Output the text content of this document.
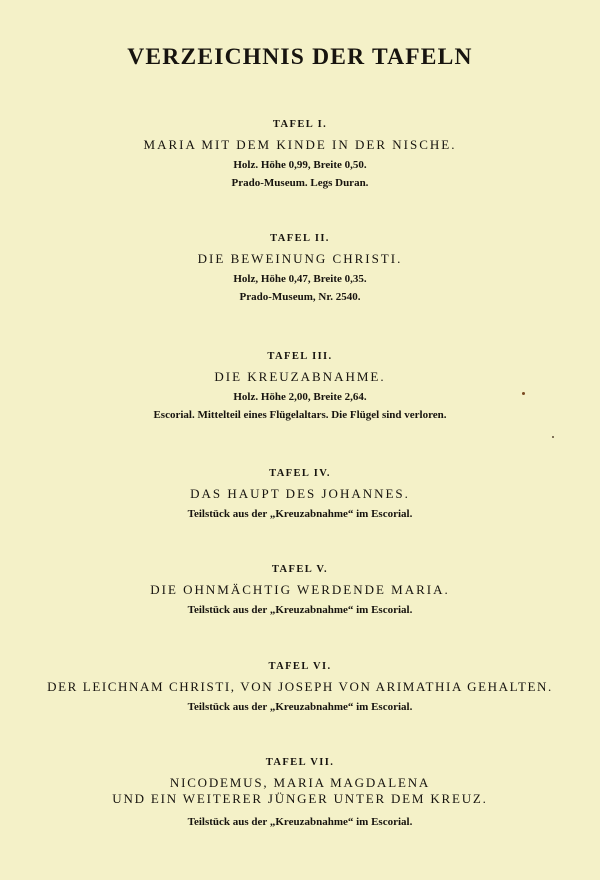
VERZEICHNIS DER TAFELN
TAFEL I.
MARIA MIT DEM KINDE IN DER NISCHE.
Holz. Höhe 0,99, Breite 0,50.
Prado-Museum. Legs Duran.
TAFEL II.
DIE BEWEINUNG CHRISTI.
Holz, Höhe 0,47, Breite 0,35.
Prado-Museum, Nr. 2540.
TAFEL III.
DIE KREUZABNAHME.
Holz. Höhe 2,00, Breite 2,64.
Escorial. Mittelteil eines Flügelaltars. Die Flügel sind verloren.
TAFEL IV.
DAS HAUPT DES JOHANNES.
Teilstück aus der „Kreuzabnahme“ im Escorial.
TAFEL V.
DIE OHNMÄCHTIG WERDENDE MARIA.
Teilstück aus der „Kreuzabnahme“ im Escorial.
TAFEL VI.
DER LEICHNAM CHRISTI, VON JOSEPH VON ARIMATHIA GEHALTEN.
Teilstück aus der „Kreuzabnahme“ im Escorial.
TAFEL VII.
NICODEMUS, MARIA MAGDALENA
UND EIN WEITERER JÜNGER UNTER DEM KREUZ.
Teilstück aus der „Kreuzabnahme“ im Escorial.
